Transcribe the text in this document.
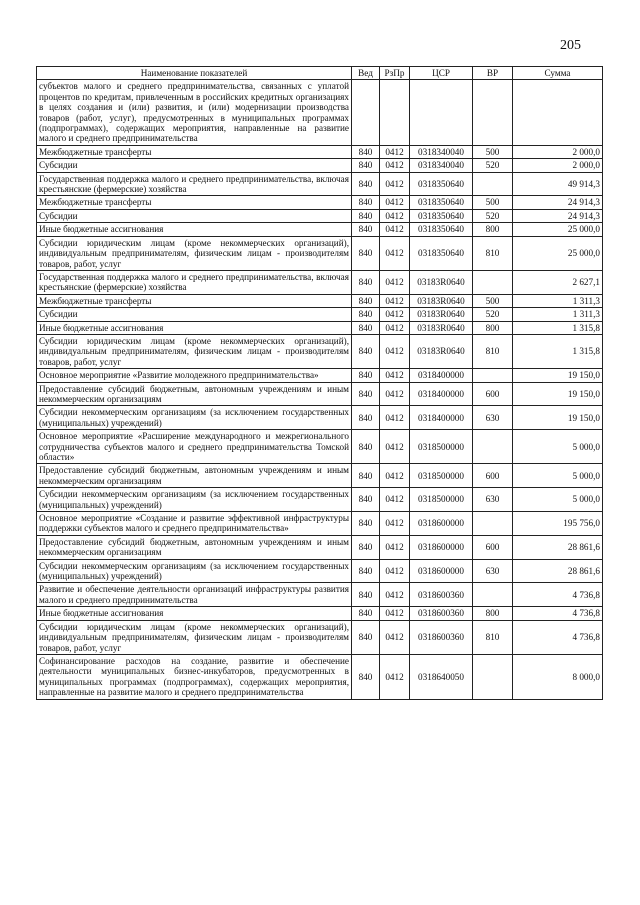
205
Наименование показателей	Вед	РзПр	ЦСР	ВР	Сумма
субъектов малого и среднего предпринимательства, связанных с уплатой процентов по кредитам, привлеченным в российских кредитных организациях в целях создания и (или) развития, и (или) модернизации производства товаров (работ, услуг), предусмотренных в муниципальных программах (подпрограммах), содержащих мероприятия, направленные на развитие малого и среднего предпринимательства					
Межбюджетные трансферты	840	0412	0318340040	500	2 000,0
Субсидии	840	0412	0318340040	520	2 000,0
Государственная поддержка малого и среднего предпринимательства, включая крестьянские (фермерские) хозяйства	840	0412	0318350640		49 914,3
Межбюджетные трансферты	840	0412	0318350640	500	24 914,3
Субсидии	840	0412	0318350640	520	24 914,3
Иные бюджетные ассигнования	840	0412	0318350640	800	25 000,0
Субсидии юридическим лицам (кроме некоммерческих организаций), индивидуальным предпринимателям, физическим лицам - производителям товаров, работ, услуг	840	0412	0318350640	810	25 000,0
Государственная поддержка малого и среднего предпринимательства, включая крестьянские (фермерские) хозяйства	840	0412	03183R0640		2 627,1
Межбюджетные трансферты	840	0412	03183R0640	500	1 311,3
Субсидии	840	0412	03183R0640	520	1 311,3
Иные бюджетные ассигнования	840	0412	03183R0640	800	1 315,8
Субсидии юридическим лицам (кроме некоммерческих организаций), индивидуальным предпринимателям, физическим лицам - производителям товаров, работ, услуг	840	0412	03183R0640	810	1 315,8
Основное мероприятие «Развитие молодежного предпринимательства»	840	0412	0318400000		19 150,0
Предоставление субсидий бюджетным, автономным учреждениям и иным некоммерческим организациям	840	0412	0318400000	600	19 150,0
Субсидии некоммерческим организациям (за исключением государственных (муниципальных) учреждений)	840	0412	0318400000	630	19 150,0
Основное мероприятие «Расширение международного и межрегионального сотрудничества субъектов малого и среднего предпринимательства Томской области»	840	0412	0318500000		5 000,0
Предоставление субсидий бюджетным, автономным учреждениям и иным некоммерческим организациям	840	0412	0318500000	600	5 000,0
Субсидии некоммерческим организациям (за исключением государственных (муниципальных) учреждений)	840	0412	0318500000	630	5 000,0
Основное мероприятие «Создание и развитие эффективной инфраструктуры поддержки субъектов малого и среднего предпринимательства»	840	0412	0318600000		195 756,0
Предоставление субсидий бюджетным, автономным учреждениям и иным некоммерческим организациям	840	0412	0318600000	600	28 861,6
Субсидии некоммерческим организациям (за исключением государственных (муниципальных) учреждений)	840	0412	0318600000	630	28 861,6
Развитие и обеспечение деятельности организаций инфраструктуры развития малого и среднего предпринимательства	840	0412	0318600360		4 736,8
Иные бюджетные ассигнования	840	0412	0318600360	800	4 736,8
Субсидии юридическим лицам (кроме некоммерческих организаций), индивидуальным предпринимателям, физическим лицам - производителям товаров, работ, услуг	840	0412	0318600360	810	4 736,8
Софинансирование расходов на создание, развитие и обеспечение деятельности муниципальных бизнес-инкубаторов, предусмотренных в муниципальных программах (подпрограммах), содержащих мероприятия, направленные на развитие малого и среднего предпринимательства	840	0412	0318640050		8 000,0
